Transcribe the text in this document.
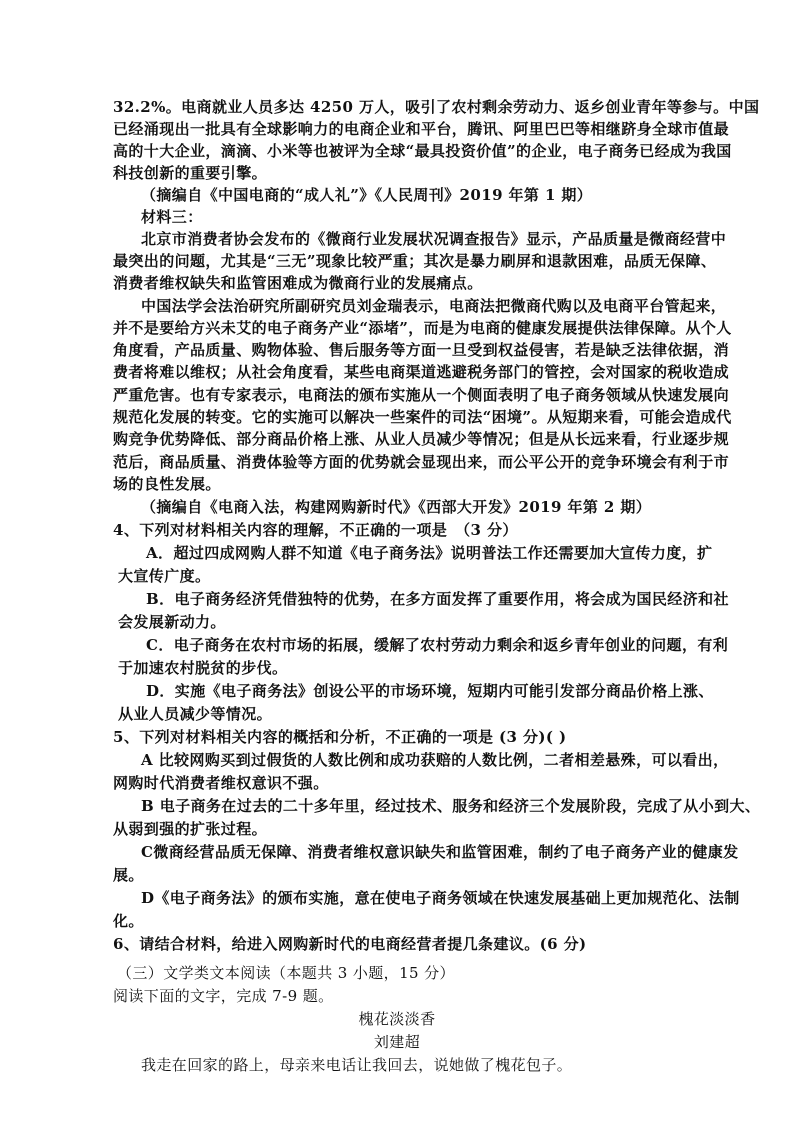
32.2%。电商就业人员多达 4250 万人，吸引了农村剩余劳动力、返乡创业青年等参与。中国
已经涌现出一批具有全球影响力的电商企业和平台，腾讯、阿里巴巴等相继跻身全球市值最
高的十大企业，滴滴、小米等也被评为全球“最具投资价值”的企业，电子商务已经成为我国
科技创新的重要引擎。
（摘编自《中国电商的“成人礼”》《人民周刊》2019 年第 1 期）
材料三：
北京市消费者协会发布的《微商行业发展状况调查报告》显示，产品质量是微商经营中
最突出的问题，尤其是“三无”现象比较严重；其次是暴力刷屏和退款困难，品质无保障、
消费者维权缺失和监管困难成为微商行业的发展痛点。
中国法学会法治研究所副研究员刘金瑞表示，电商法把微商代购以及电商平台管起来，
并不是要给方兴未艾的电子商务产业“添堵”，而是为电商的健康发展提供法律保障。从个人
角度看，产品质量、购物体验、售后服务等方面一旦受到权益侵害，若是缺乏法律依据，消
费者将难以维权；从社会角度看，某些电商渠道逃避税务部门的管控，会对国家的税收造成
严重危害。也有专家表示，电商法的颁布实施从一个侧面表明了电子商务领域从快速发展向
规范化发展的转变。它的实施可以解决一些案件的司法“困境”。从短期来看，可能会造成代
购竞争优势降低、部分商品价格上涨、从业人员减少等情况；但是从长远来看，行业逐步规
范后，商品质量、消费体验等方面的优势就会显现出来，而公平公开的竞争环境会有利于市
场的良性发展。
（摘编自《电商入法，构建网购新时代》《西部大开发》2019 年第 2 期）
4、下列对材料相关内容的理解，不正确的一项是　（3 分）
A．超过四成网购人群不知道《电子商务法》说明普法工作还需要加大宣传力度，扩
大宣传广度。
B．电子商务经济凭借独特的优势，在多方面发挥了重要作用，将会成为国民经济和社
会发展新动力。
C．电子商务在农村市场的拓展，缓解了农村劳动力剩余和返乡青年创业的问题，有利
于加速农村脱贫的步伐。
D．实施《电子商务法》创设公平的市场环境，短期内可能引发部分商品价格上涨、
从业人员减少等情况。
5、下列对材料相关内容的概括和分析，不正确的一项是 (3 分)( )
A 比较网购买到过假货的人数比例和成功获赔的人数比例，二者相差悬殊，可以看出，
网购时代消费者维权意识不强。
B 电子商务在过去的二十多年里，经过技术、服务和经济三个发展阶段，完成了从小到大、
从弱到强的扩张过程。
C微商经营品质无保障、消费者维权意识缺失和监管困难，制约了电子商务产业的健康发
展。
D《电子商务法》的颁布实施，意在使电子商务领域在快速发展基础上更加规范化、法制
化。
6、请结合材料，给进入网购新时代的电商经营者提几条建议。(6 分)
（三）文学类文本阅读（本题共 3 小题，15 分）
阅读下面的文字，完成 7-9 题。
槐花淡淡香
刘建超
我走在回家的路上，母亲来电话让我回去，说她做了槐花包子。
